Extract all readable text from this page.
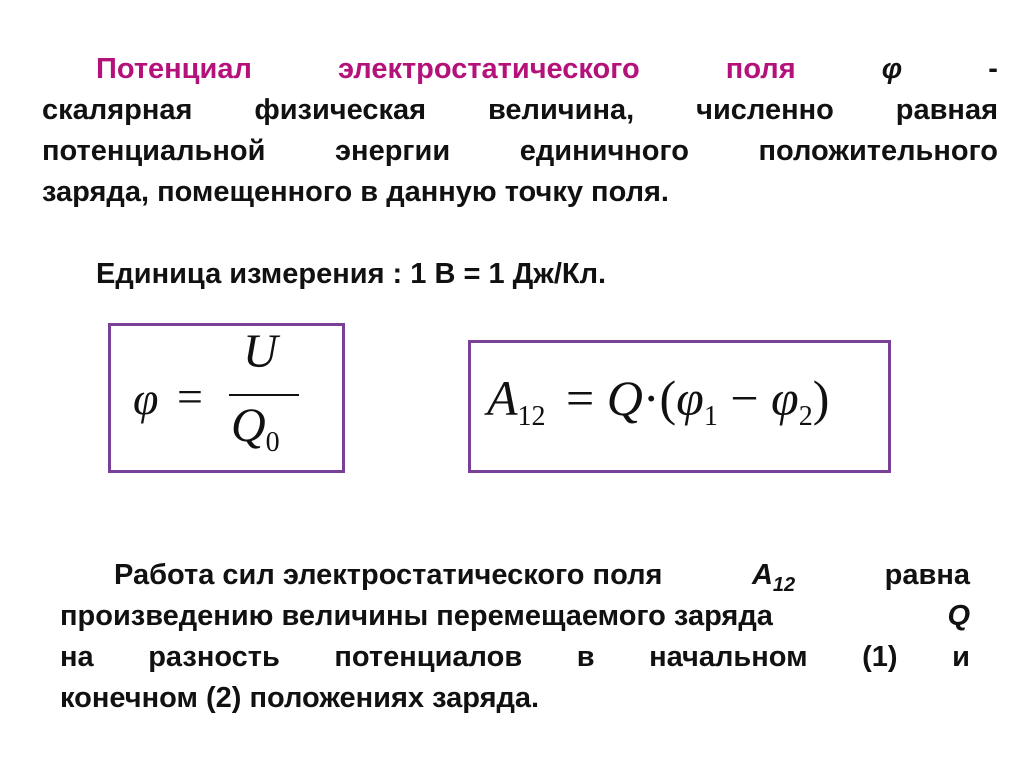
Потенциал	электростатического	поля	φ	-
скалярная физическая величина, численно равная
потенциальной энергии единичного положительного
заряда, помещенного в данную точку поля.
Единица измерения : 1 В = 1 Дж/Кл.
φ =
U
$Q_0$
$A_{12} = Q\cdot(\varphi_1 - \varphi_2)$
Работа сил электростатического поля	$A_{12}$	равна
произведению величины перемещаемого заряда	Q
на разность потенциалов в начальном (1) и
конечном (2) положениях заряда.
